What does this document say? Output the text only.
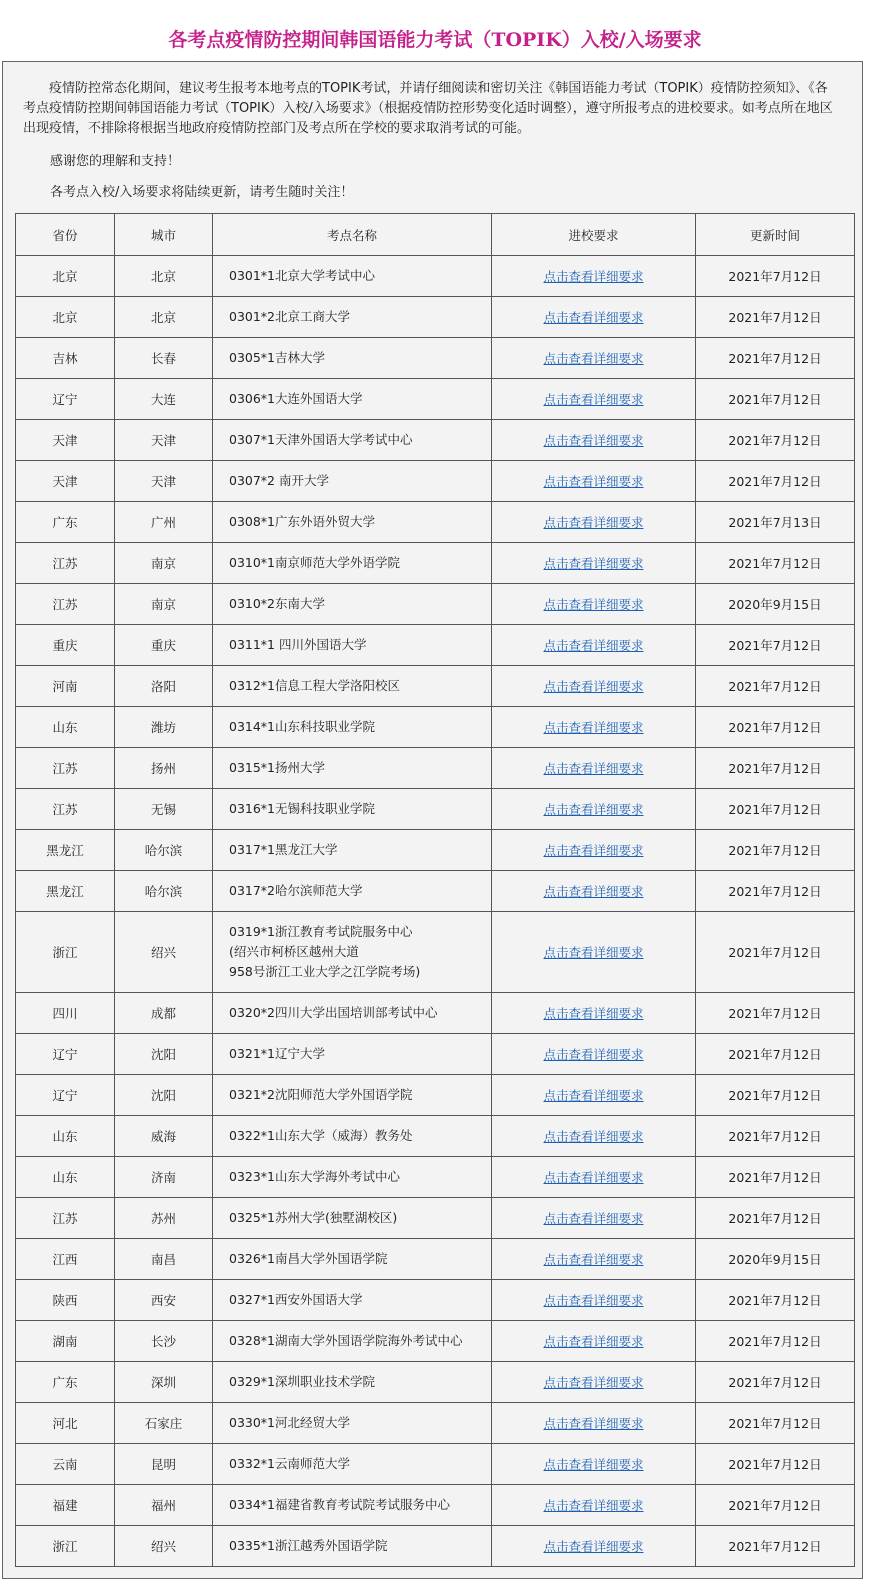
各考点疫情防控期间韩国语能力考试（TOPIK）入校/入场要求

疫情防控常态化期间，建议考生报考本地考点的TOPIK考试，并请仔细阅读和密切关注《韩国语能力考试（TOPIK）疫情防控须知》、《各考点疫情防控期间韩国语能力考试（TOPIK）入校/入场要求》（根据疫情防控形势变化适时调整），遵守所报考点的进校要求。如考点所在地区出现疫情，不排除将根据当地政府疫情防控部门及考点所在学校的要求取消考试的可能。

感谢您的理解和支持！
各考点入校/入场要求将陆续更新，请考生随时关注！
省份	城市	考点名称	进校要求	更新时间
北京	北京	0301*1北京大学考试中心	点击查看详细要求	2021年7月12日
北京	北京	0301*2北京工商大学	点击查看详细要求	2021年7月12日
吉林	长春	0305*1吉林大学	点击查看详细要求	2021年7月12日
辽宁	大连	0306*1大连外国语大学	点击查看详细要求	2021年7月12日
天津	天津	0307*1天津外国语大学考试中心	点击查看详细要求	2021年7月12日
天津	天津	0307*2 南开大学	点击查看详细要求	2021年7月12日
广东	广州	0308*1广东外语外贸大学	点击查看详细要求	2021年7月13日
江苏	南京	0310*1南京师范大学外语学院	点击查看详细要求	2021年7月12日
江苏	南京	0310*2东南大学	点击查看详细要求	2020年9月15日
重庆	重庆	0311*1 四川外国语大学	点击查看详细要求	2021年7月12日
河南	洛阳	0312*1信息工程大学洛阳校区	点击查看详细要求	2021年7月12日
山东	潍坊	0314*1山东科技职业学院	点击查看详细要求	2021年7月12日
江苏	扬州	0315*1扬州大学	点击查看详细要求	2021年7月12日
江苏	无锡	0316*1无锡科技职业学院	点击查看详细要求	2021年7月12日
黑龙江	哈尔滨	0317*1黑龙江大学	点击查看详细要求	2021年7月12日
黑龙江	哈尔滨	0317*2哈尔滨师范大学	点击查看详细要求	2021年7月12日
浙江	绍兴	0319*1浙江教育考试院服务中心
(绍兴市柯桥区越州大道
958号浙江工业大学之江学院考场)	点击查看详细要求	2021年7月12日
四川	成都	0320*2四川大学出国培训部考试中心	点击查看详细要求	2021年7月12日
辽宁	沈阳	0321*1辽宁大学	点击查看详细要求	2021年7月12日
辽宁	沈阳	0321*2沈阳师范大学外国语学院	点击查看详细要求	2021年7月12日
山东	威海	0322*1山东大学（威海）教务处	点击查看详细要求	2021年7月12日
山东	济南	0323*1山东大学海外考试中心	点击查看详细要求	2021年7月12日
江苏	苏州	0325*1苏州大学(独墅湖校区)	点击查看详细要求	2021年7月12日
江西	南昌	0326*1南昌大学外国语学院	点击查看详细要求	2020年9月15日
陕西	西安	0327*1西安外国语大学	点击查看详细要求	2021年7月12日
湖南	长沙	0328*1湖南大学外国语学院海外考试中心	点击查看详细要求	2021年7月12日
广东	深圳	0329*1深圳职业技术学院	点击查看详细要求	2021年7月12日
河北	石家庄	0330*1河北经贸大学	点击查看详细要求	2021年7月12日
云南	昆明	0332*1云南师范大学	点击查看详细要求	2021年7月12日
福建	福州	0334*1福建省教育考试院考试服务中心	点击查看详细要求	2021年7月12日
浙江	绍兴	0335*1浙江越秀外国语学院	点击查看详细要求	2021年7月12日
